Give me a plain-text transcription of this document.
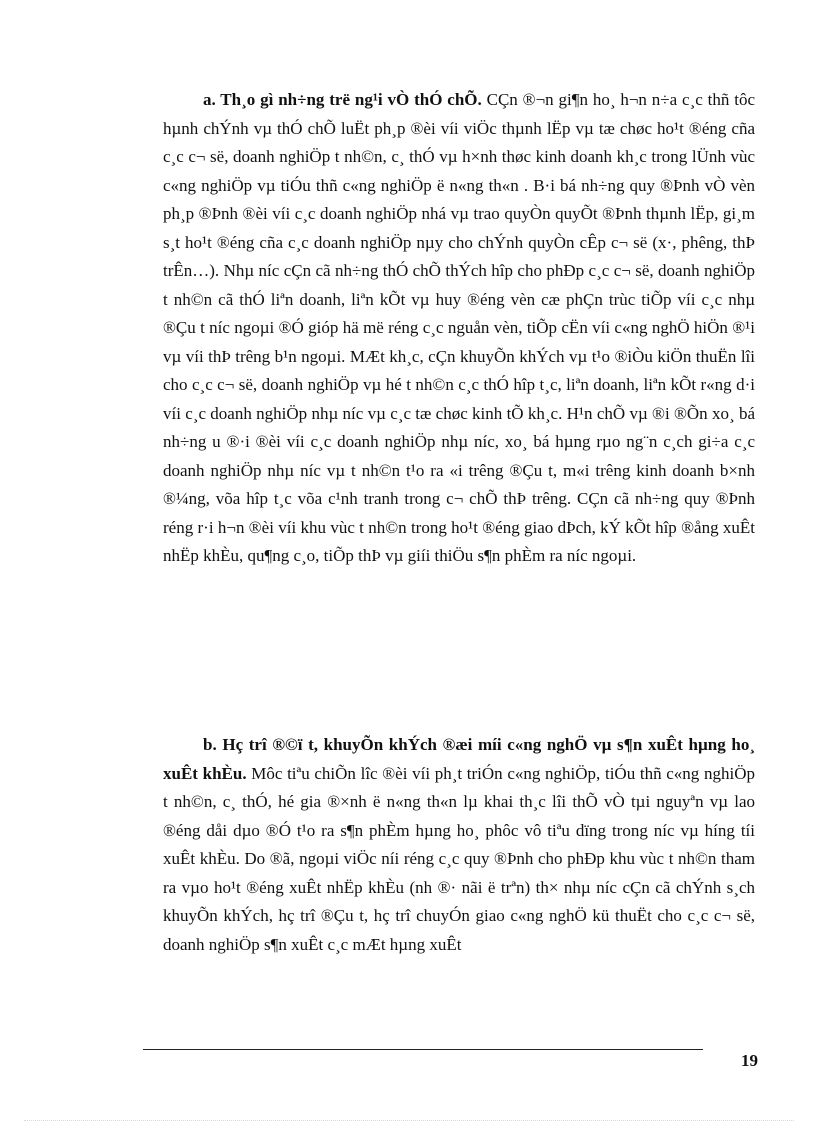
a. Th¸o gì nh÷ng trë ng¹i vÒ thÓ chÕ. CÇn ®¬n gi¶n ho¸ h¬n n÷a c¸c thñ tôc hµnh chÝnh vµ thÓ chÕ luËt ph¸p ®èi víi viÖc thµnh lËp vµ tæ chøc ho¹t ®éng cña c¸c c¬ së, doanh nghiÖp t nh©n, c¸ thÓ vµ h×nh thøc kinh doanh kh¸c trong lÜnh vùc c«ng nghiÖp vµ tiÓu thñ c«ng nghiÖp ë n«ng th«n . B·i bá nh÷ng quy ®Þnh vÒ vèn ph¸p ®Þnh ®èi víi c¸c doanh nghiÖp nhá vµ trao quyÒn quyÕt ®Þnh thµnh lËp, gi¸m s¸t ho¹t ®éng cña c¸c doanh nghiÖp nµy cho chÝnh quyÒn cÊp c¬ së (x·, phêng, thÞ trÊn…). Nhµ níc cÇn cã nh÷ng thÓ chÕ thÝch hîp cho phÐp c¸c c¬ së, doanh nghiÖp t nh©n cã thÓ liªn doanh, liªn kÕt vµ huy ®éng vèn cæ phÇn trùc tiÕp víi c¸c nhµ ®Çu t níc ngoµi ®Ó gióp hä më réng c¸c nguån vèn, tiÕp cËn víi c«ng nghÖ hiÖn ®¹i vµ víi thÞ trêng b¹n ngoµi. MÆt kh¸c, cÇn khuyÕn khÝch vµ t¹o ®iÒu kiÖn thuËn lîi cho c¸c c¬ së, doanh nghiÖp vµ hé t nh©n c¸c thÓ hîp t¸c, liªn doanh, liªn kÕt r«ng d·i víi c¸c doanh nghiÖp nhµ níc vµ c¸c tæ chøc kinh tÕ kh¸c. H¹n chÕ vµ ®i ®Õn xo¸ bá nh÷ng u ®·i ®èi víi c¸c doanh nghiÖp nhµ níc, xo¸ bá hµng rµo ng¨n c¸ch gi÷a c¸c doanh nghiÖp nhµ níc vµ t nh©n t¹o ra «i trêng ®Çu t, m«i trêng kinh doanh b×nh ®¼ng, võa hîp t¸c võa c¹nh tranh trong c¬ chÕ thÞ trêng. CÇn cã nh÷ng quy ®Þnh réng r·i h¬n ®èi víi khu vùc t nh©n trong ho¹t ®éng giao dÞch, kÝ kÕt hîp ®ång xuÊt nhËp khÈu, qu¶ng c¸o, tiÕp thÞ vµ giíi thiÖu s¶n phÈm ra níc ngoµi.

b. Hç trî ®©ï t, khuyÕn khÝch ®æi míi c«ng nghÖ vµ s¶n xuÊt hµng ho¸ xuÊt khÈu. Môc tiªu chiÕn lîc ®èi víi ph¸t triÓn c«ng nghiÖp, tiÓu thñ c«ng nghiÖp t nh©n, c¸ thÓ, hé gia ®×nh ë n«ng th«n lµ khai th¸c lîi thÕ vÒ tµi nguyªn vµ lao ®éng dåi dµo ®Ó t¹o ra s¶n phÈm hµng ho¸ phôc vô tiªu dïng trong níc vµ híng tíi xuÊt khÈu. Do ®ã, ngoµi viÖc níi réng c¸c quy ®Þnh cho phÐp khu vùc t nh©n tham ra vµo ho¹t ®éng xuÊt nhËp khÈu (nh ®· nãi ë trªn) th× nhµ níc cÇn cã chÝnh s¸ch khuyÕn khÝch, hç trî ®Çu t, hç trî chuyÓn giao c«ng nghÖ kü thuËt cho c¸c c¬ së, doanh nghiÖp s¶n xuÊt c¸c mÆt hµng xuÊt

19
